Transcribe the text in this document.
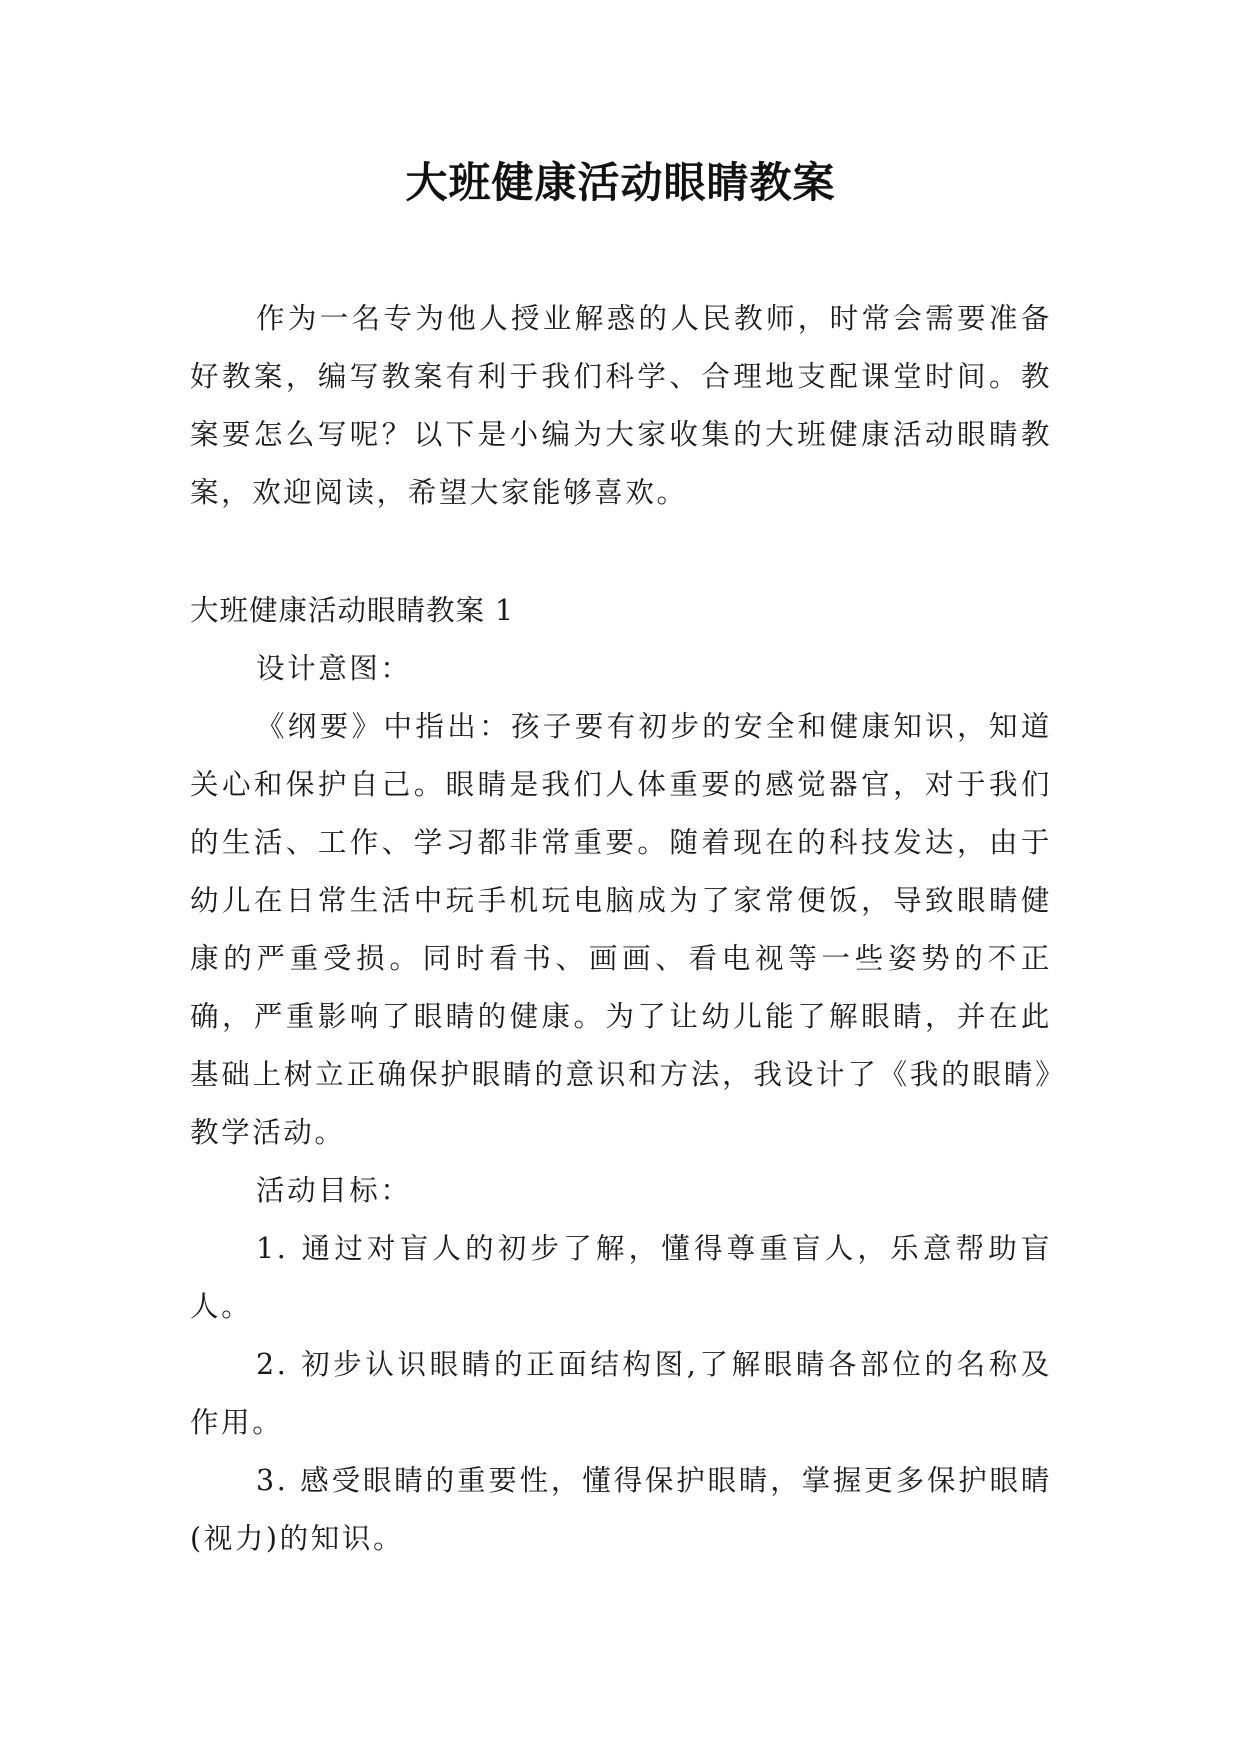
大班健康活动眼睛教案

作为一名专为他人授业解惑的人民教师，时常会需要准备好教案，编写教案有利于我们科学、合理地支配课堂时间。教案要怎么写呢？以下是小编为大家收集的大班健康活动眼睛教案，欢迎阅读，希望大家能够喜欢。

大班健康活动眼睛教案 1

设计意图：

《纲要》中指出：孩子要有初步的安全和健康知识，知道关心和保护自己。眼睛是我们人体重要的感觉器官，对于我们的生活、工作、学习都非常重要。随着现在的科技发达，由于幼儿在日常生活中玩手机玩电脑成为了家常便饭，导致眼睛健康的严重受损。同时看书、画画、看电视等一些姿势的不正确，严重影响了眼睛的健康。为了让幼儿能了解眼睛，并在此基础上树立正确保护眼睛的意识和方法，我设计了《我的眼睛》教学活动。

活动目标：

1. 通过对盲人的初步了解，懂得尊重盲人，乐意帮助盲人。

2. 初步认识眼睛的正面结构图,了解眼睛各部位的名称及作用。

3. 感受眼睛的重要性，懂得保护眼睛，掌握更多保护眼睛(视力)的知识。
